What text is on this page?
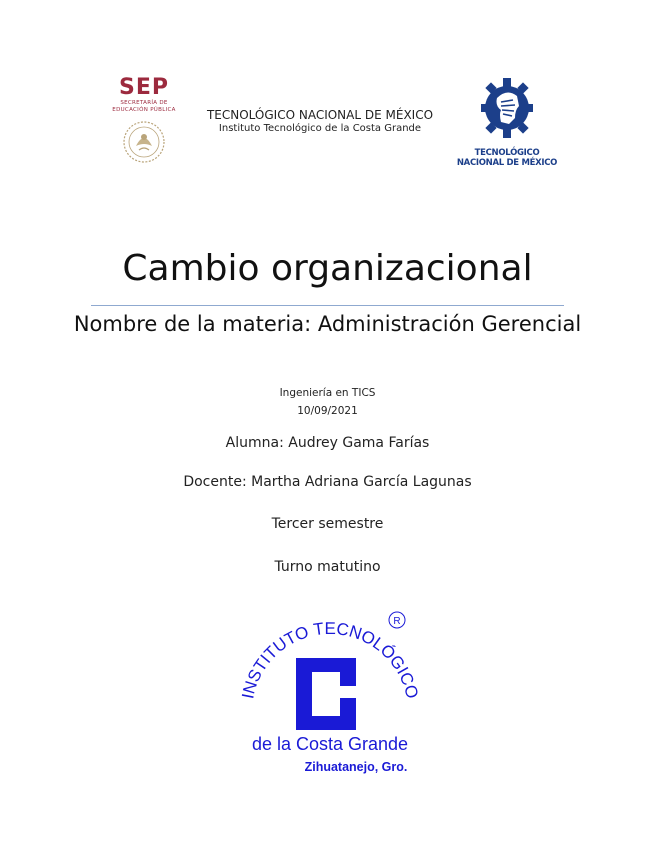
SEP
SECRETARÍA DE
EDUCACIÓN PÚBLICA	TECNOLÓGICO NACIONAL DE MÉXICO
Instituto Tecnológico de la Costa Grande
TECNOLÓGICO
NACIONAL DE MÉXICO
Cambio organizacional
Nombre de la materia: Administración Gerencial
Ingeniería en TICS
10/09/2021
Alumna: Audrey Gama Farías
Docente: Martha Adriana García Lagunas
Tercer semestre
Turno matutino
INSTITUTO TECNOLÓGICO
R
de la Costa Grande
Zihuatanejo, Gro.
